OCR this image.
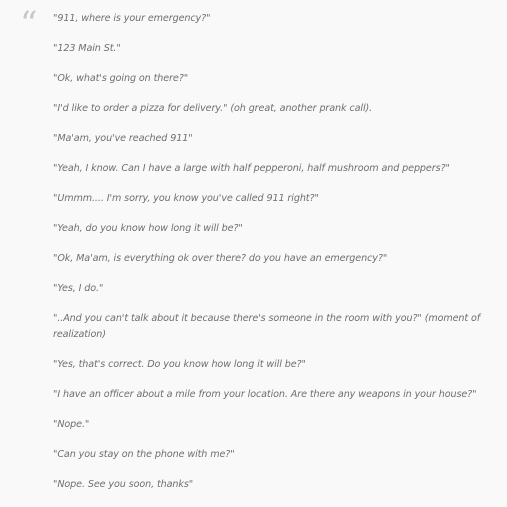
“ "911, where is your emergency?"
"123 Main St."
"Ok, what's going on there?"
"I'd like to order a pizza for delivery." (oh great, another prank call).
"Ma'am, you've reached 911"
"Yeah, I know. Can I have a large with half pepperoni, half mushroom and peppers?"
"Ummm.... I'm sorry, you know you've called 911 right?"
"Yeah, do you know how long it will be?"
"Ok, Ma'am, is everything ok over there? do you have an emergency?"
"Yes, I do."
"..And you can't talk about it because there's someone in the room with you?" (moment of realization)
"Yes, that's correct. Do you know how long it will be?"
"I have an officer about a mile from your location. Are there any weapons in your house?"
"Nope."
"Can you stay on the phone with me?"
"Nope. See you soon, thanks"
